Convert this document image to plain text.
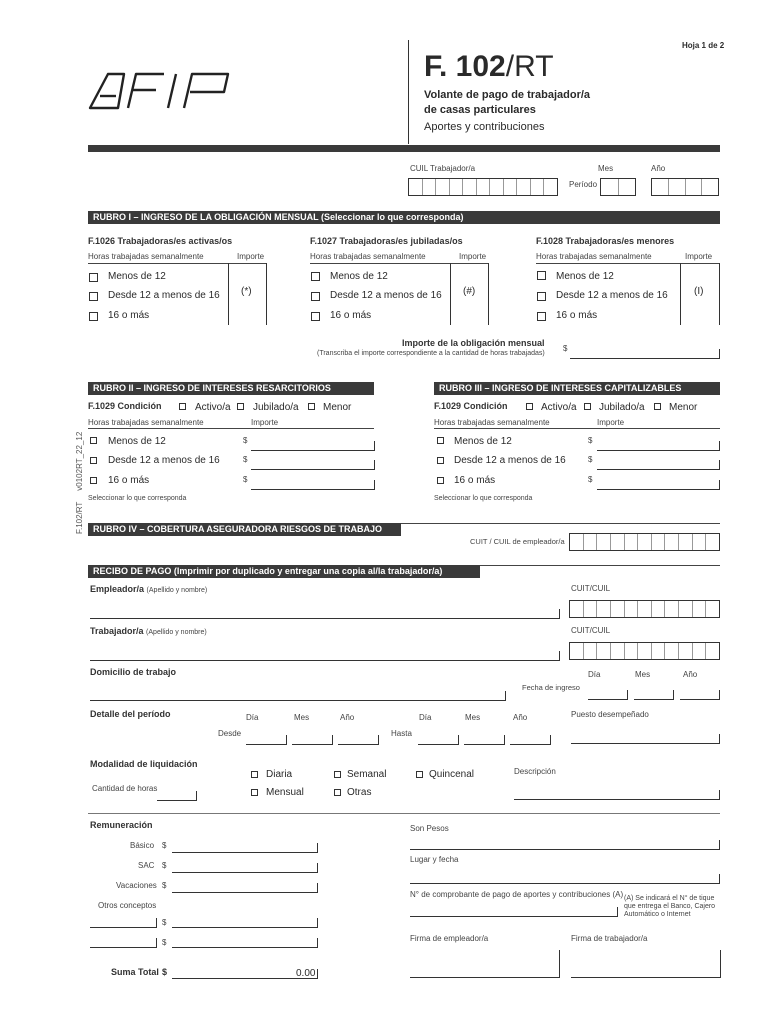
Hoja 1 de 2
F. 102/RT
Volante de pago de trabajador/a
de casas particulares
Aportes y contribuciones
F.102/RT     v0102RT_22_12
CUIL Trabajador/a	Mes	Año
Período
RUBRO I – INGRESO DE LA OBLIGACIÓN MENSUAL (Seleccionar lo que corresponda)
F.1026 Trabajadoras/es activas/os	F.1027 Trabajadoras/es jubiladas/os	F.1028 Trabajadoras/es menores
Horas trabajadas semanalmente	Importe	Horas trabajadas semanalmente	Importe	Horas trabajadas semanalmente	Importe
Menos de 12
Desde 12 a menos de 16
16 o más
(*)
Menos de 12
Desde 12 a menos de 16
16 o más
(#)
Menos de 12
Desde 12 a menos de 16
16 o más
(I)
Importe de la obligación mensual
(Transcriba el importe correspondiente a la cantidad de horas trabajadas)
$
RUBRO II – INGRESO DE INTERESES RESARCITORIOS
F.1029 Condición	Activo/a Jubilado/a Menor
Horas trabajadas semanalmente	Importe
Menos de 12	$
Desde 12 a menos de 16	$
16 o más	$
Seleccionar lo que corresponda
RUBRO III – INGRESO DE INTERESES CAPITALIZABLES
F.1029 Condición	Activo/a Jubilado/a Menor
Horas trabajadas semanalmente	Importe
Menos de 12	$
Desde 12 a menos de 16	$
16 o más	$
Seleccionar lo que corresponda
RUBRO IV – COBERTURA ASEGURADORA RIESGOS DE TRABAJO
CUIT / CUIL de empleador/a
RECIBO DE PAGO (Imprimir por duplicado y entregar una copia al/la trabajador/a)
Empleador/a (Apellido y nombre)	CUIT/CUIL
Trabajador/a (Apellido y nombre)	CUIT/CUIL
Domicilio de trabajo	Día	Mes	Año
Fecha de ingreso
Detalle del período	Día	Mes	Año	Día	Mes	Año
Desde	Hasta
Puesto desempeñado
Modalidad de liquidación
Cantidad de horas
Diaria	Semanal	Quincenal
Mensual	Otras
Descripción
Remuneración
Básico $
SAC $
Vacaciones $
Otros conceptos
$
$
Suma Total $	0.00
Son Pesos
Lugar y fecha
N° de comprobante de pago de aportes y contribuciones (A) (A) Se indicará el N° de tique
que entrega el Banco, Cajero
Automático o Internet
Firma de empleador/a	Firma de trabajador/a
